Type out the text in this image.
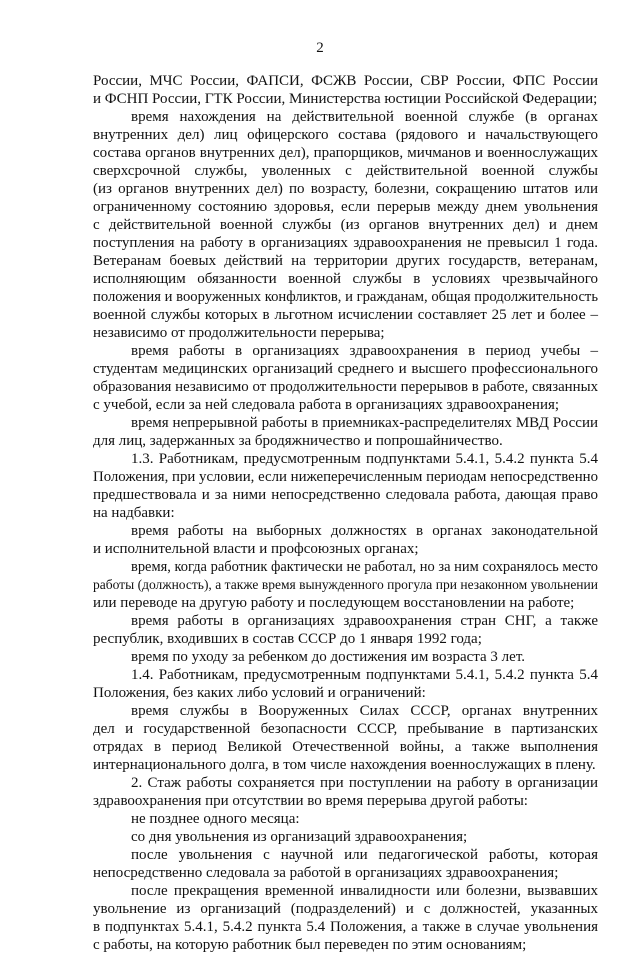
2
России, МЧС России, ФАПСИ, ФСЖВ России, СВР России, ФПС России
и ФСНП России, ГТК России, Министерства юстиции Российской Федерации;
время нахождения на действительной военной службе (в органах
внутренних дел) лиц офицерского состава (рядового и начальствующего
состава органов внутренних дел), прапорщиков, мичманов и военнослужащих
сверхсрочной службы, уволенных с действительной военной службы
(из органов внутренних дел) по возрасту, болезни, сокращению штатов или
ограниченному состоянию здоровья, если перерыв между днем увольнения
с действительной военной службы (из органов внутренних дел) и днем
поступления на работу в организациях здравоохранения не превысил 1 года.
Ветеранам боевых действий на территории других государств, ветеранам,
исполняющим обязанности военной службы в условиях чрезвычайного
положения и вооруженных конфликтов, и гражданам, общая продолжительность
военной службы которых в льготном исчислении составляет 25 лет и более –
независимо от продолжительности перерыва;
время работы в организациях здравоохранения в период учебы –
студентам медицинских организаций среднего и высшего профессионального
образования независимо от продолжительности перерывов в работе, связанных
с учебой, если за ней следовала работа в организациях здравоохранения;
время непрерывной работы в приемниках-распределителях МВД России
для лиц, задержанных за бродяжничество и попрошайничество.
1.3. Работникам, предусмотренным подпунктами 5.4.1, 5.4.2 пункта 5.4
Положения, при условии, если нижеперечисленным периодам непосредственно
предшествовала и за ними непосредственно следовала работа, дающая право
на надбавки:
время работы на выборных должностях в органах законодательной
и исполнительной власти и профсоюзных органах;
время, когда работник фактически не работал, но за ним сохранялось место
работы (должность), а также время вынужденного прогула при незаконном увольнении
или переводе на другую работу и последующем восстановлении на работе;
время работы в организациях здравоохранения стран СНГ, а также
республик, входивших в состав СССР до 1 января 1992 года;
время по уходу за ребенком до достижения им возраста 3 лет.
1.4. Работникам, предусмотренным подпунктами 5.4.1, 5.4.2 пункта 5.4
Положения, без каких либо условий и ограничений:
время службы в Вооруженных Силах СССР, органах внутренних
дел и государственной безопасности СССР, пребывание в партизанских
отрядах в период Великой Отечественной войны, а также выполнения
интернационального долга, в том числе нахождения военнослужащих в плену.
2. Стаж работы сохраняется при поступлении на работу в организации
здравоохранения при отсутствии во время перерыва другой работы:
не позднее одного месяца:
со дня увольнения из организаций здравоохранения;
после увольнения с научной или педагогической работы, которая
непосредственно следовала за работой в организациях здравоохранения;
после прекращения временной инвалидности или болезни, вызвавших
увольнение из организаций (подразделений) и с должностей, указанных
в подпунктах 5.4.1, 5.4.2 пункта 5.4 Положения, а также в случае увольнения
с работы, на которую работник был переведен по этим основаниям;
